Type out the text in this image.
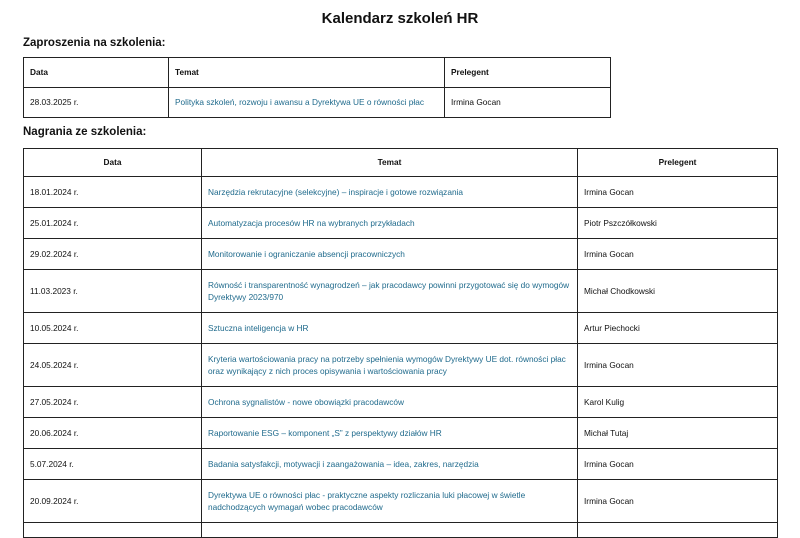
Kalendarz szkoleń HR
Zaproszenia na szkolenia:
Data	Temat	Prelegent
28.03.2025 r.	Polityka szkoleń, rozwoju i awansu a Dyrektywa UE o równości płac	Irmina Gocan
Nagrania ze szkolenia:
Data	Temat	Prelegent
18.01.2024 r.	Narzędzia rekrutacyjne (selekcyjne) – inspiracje i gotowe rozwiązania	Irmina Gocan
25.01.2024 r.	Automatyzacja procesów HR na wybranych przykładach	Piotr Pszczółkowski
29.02.2024 r.	Monitorowanie i ograniczanie absencji pracowniczych	Irmina Gocan
11.03.2023 r.	Równość i transparentność wynagrodzeń – jak pracodawcy powinni przygotować się do wymogów Dyrektywy 2023/970	Michał Chodkowski
10.05.2024 r.	Sztuczna inteligencja w HR	Artur Piechocki
24.05.2024 r.	Kryteria wartościowania pracy na potrzeby spełnienia wymogów Dyrektywy UE dot. równości płac oraz wynikający z nich proces opisywania i wartościowania pracy	Irmina Gocan
27.05.2024 r.	Ochrona sygnalistów - nowe obowiązki pracodawców	Karol Kulig
20.06.2024 r.	Raportowanie ESG – komponent „S” z perspektywy działów HR	Michał Tutaj
5.07.2024 r.	Badania satysfakcji, motywacji i zaangażowania – idea, zakres, narzędzia	Irmina Gocan
20.09.2024 r.	Dyrektywa UE o równości płac - praktyczne aspekty rozliczania luki płacowej w świetle nadchodzących wymagań wobec pracodawców	Irmina Gocan
